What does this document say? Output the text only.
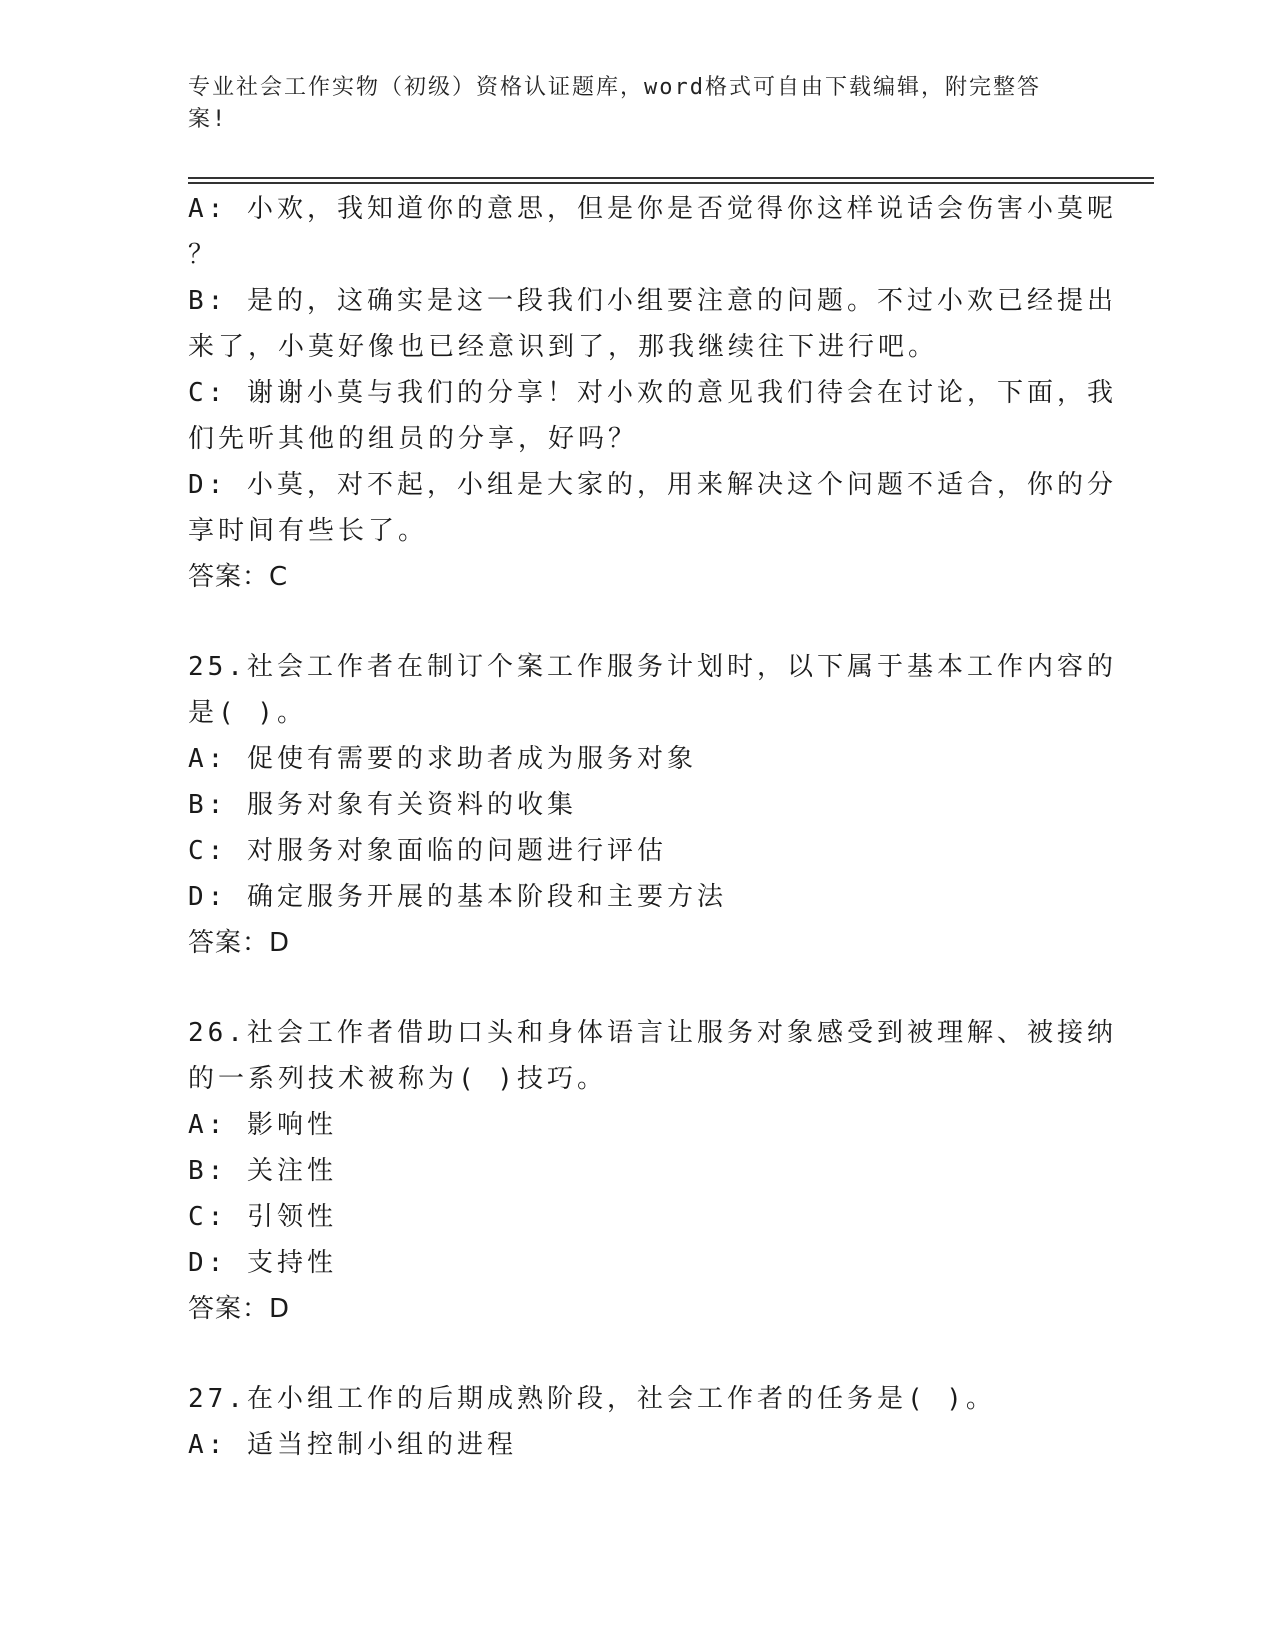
专业社会工作实物（初级）资格认证题库，word格式可自由下载编辑，附完整答
案!
A: 小欢，我知道你的意思，但是你是否觉得你这样说话会伤害小莫呢
？
B: 是的，这确实是这一段我们小组要注意的问题。不过小欢已经提出
来了，小莫好像也已经意识到了，那我继续往下进行吧。
C: 谢谢小莫与我们的分享！对小欢的意见我们待会在讨论，下面，我
们先听其他的组员的分享，好吗？
D: 小莫，对不起，小组是大家的，用来解决这个问题不适合，你的分
享时间有些长了。
答案：C
25.社会工作者在制订个案工作服务计划时，以下属于基本工作内容的
是( )。
A: 促使有需要的求助者成为服务对象
B: 服务对象有关资料的收集
C: 对服务对象面临的问题进行评估
D: 确定服务开展的基本阶段和主要方法
答案：D
26.社会工作者借助口头和身体语言让服务对象感受到被理解、被接纳
的一系列技术被称为( )技巧。
A: 影响性
B: 关注性
C: 引领性
D: 支持性
答案：D
27.在小组工作的后期成熟阶段，社会工作者的任务是( )。
A: 适当控制小组的进程
